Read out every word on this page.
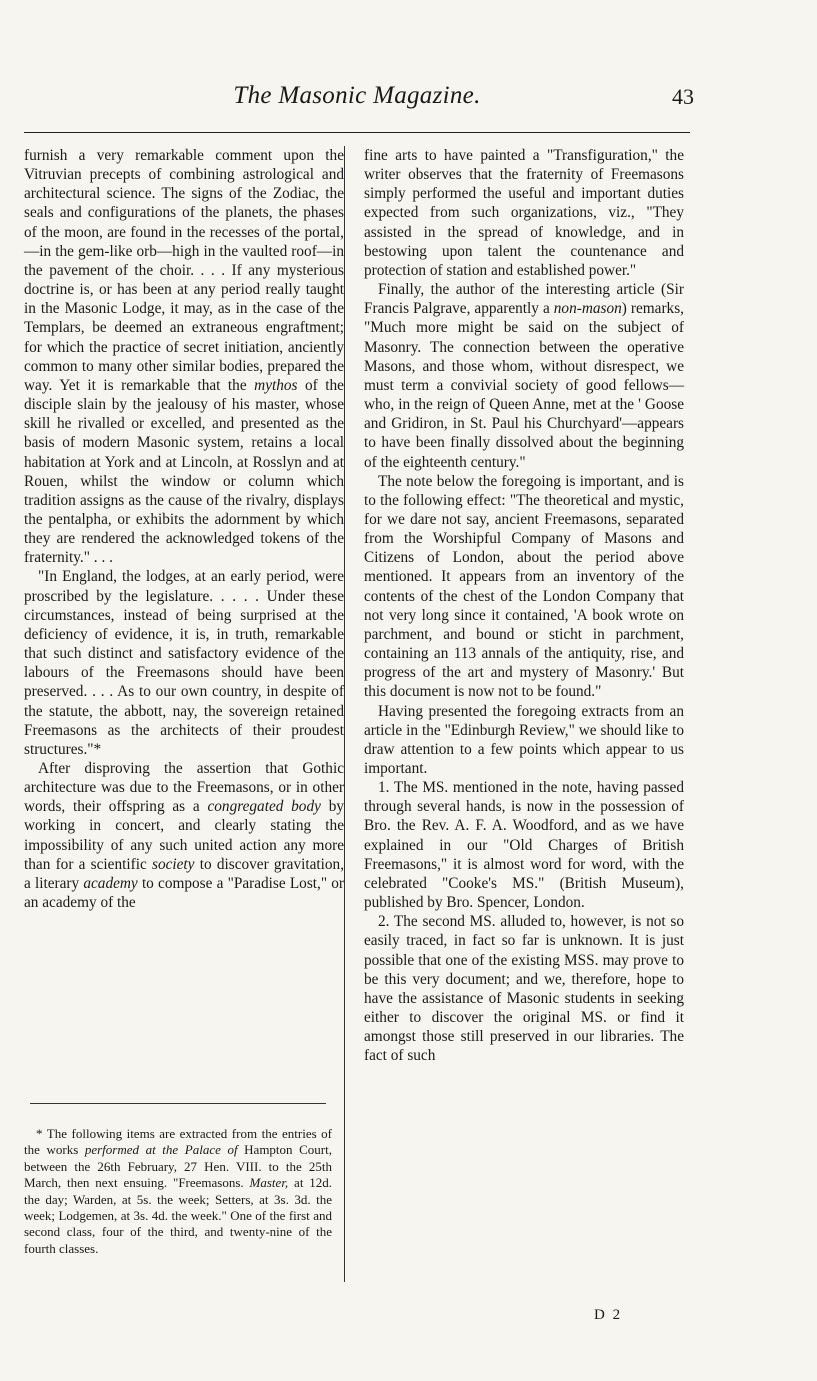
The Masonic Magazine.	43

furnish a very remarkable comment upon the Vitruvian precepts of combining astrological and architectural science. The signs of the Zodiac, the seals and configurations of the planets, the phases of the moon, are found in the recesses of the portal,—in the gem-like orb—high in the vaulted roof—in the pavement of the choir. . . . If any mysterious doctrine is, or has been at any period really taught in the Masonic Lodge, it may, as in the case of the Templars, be deemed an extraneous engraftment; for which the practice of secret initiation, anciently common to many other similar bodies, prepared the way. Yet it is remarkable that the mythos of the disciple slain by the jealousy of his master, whose skill he rivalled or excelled, and presented as the basis of modern Masonic system, retains a local habitation at York and at Lincoln, at Rosslyn and at Rouen, whilst the window or column which tradition assigns as the cause of the rivalry, displays the pentalpha, or exhibits the adornment by which they are rendered the acknowledged tokens of the fraternity." . . .

"In England, the lodges, at an early period, were proscribed by the legislature. . . . . Under these circumstances, instead of being surprised at the deficiency of evidence, it is, in truth, remarkable that such distinct and satisfactory evidence of the labours of the Freemasons should have been preserved. . . . As to our own country, in despite of the statute, the abbott, nay, the sovereign retained Freemasons as the architects of their proudest structures."*

After disproving the assertion that Gothic architecture was due to the Freemasons, or in other words, their offspring as a congregated body by working in concert, and clearly stating the impossibility of any such united action any more than for a scientific society to discover gravitation, a literary academy to compose a "Paradise Lost," or an academy of the

* The following items are extracted from the entries of the works performed at the Palace of Hampton Court, between the 26th February, 27 Hen. VIII. to the 25th March, then next ensuing. "Freemasons. Master, at 12d. the day; Warden, at 5s. the week; Setters, at 3s. 3d. the week; Lodgemen, at 3s. 4d. the week." One of the first and second class, four of the third, and twenty-nine of the fourth classes.

fine arts to have painted a "Transfiguration," the writer observes that the fraternity of Freemasons simply performed the useful and important duties expected from such organizations, viz., "They assisted in the spread of knowledge, and in bestowing upon talent the countenance and protection of station and established power."

Finally, the author of the interesting article (Sir Francis Palgrave, apparently a non-mason) remarks, "Much more might be said on the subject of Masonry. The connection between the operative Masons, and those whom, without disrespect, we must term a convivial society of good fellows—who, in the reign of Queen Anne, met at the ' Goose and Gridiron, in St. Paul his Churchyard'—appears to have been finally dissolved about the beginning of the eighteenth century."

The note below the foregoing is important, and is to the following effect: "The theoretical and mystic, for we dare not say, ancient Freemasons, separated from the Worshipful Company of Masons and Citizens of London, about the period above mentioned. It appears from an inventory of the contents of the chest of the London Company that not very long since it contained, 'A book wrote on parchment, and bound or sticht in parchment, containing an 113 annals of the antiquity, rise, and progress of the art and mystery of Masonry.' But this document is now not to be found."

Having presented the foregoing extracts from an article in the "Edinburgh Review," we should like to draw attention to a few points which appear to us important.

1. The MS. mentioned in the note, having passed through several hands, is now in the possession of Bro. the Rev. A. F. A. Woodford, and as we have explained in our "Old Charges of British Freemasons," it is almost word for word, with the celebrated "Cooke's MS." (British Museum), published by Bro. Spencer, London.

2. The second MS. alluded to, however, is not so easily traced, in fact so far is unknown. It is just possible that one of the existing MSS. may prove to be this very document; and we, therefore, hope to have the assistance of Masonic students in seeking either to discover the original MS. or find it amongst those still preserved in our libraries. The fact of such

D 2
